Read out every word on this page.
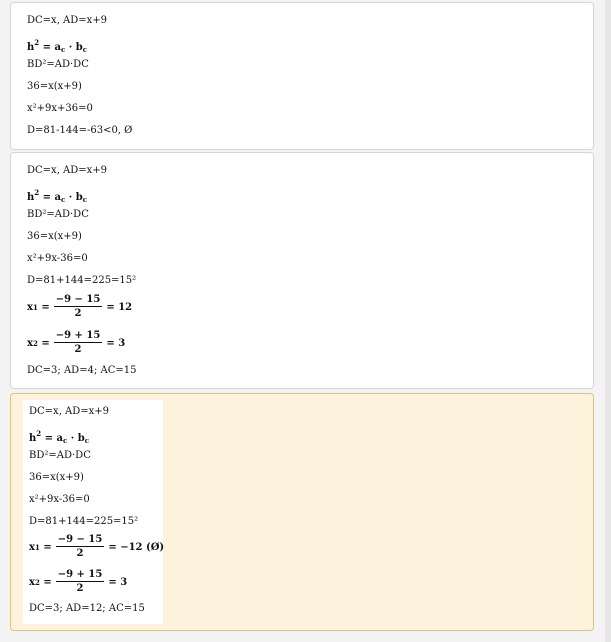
DC=x, AD=x+9
$h^2 = a_c \cdot b_c$
BD²=AD·DC
36=x(x+9)
x²+9x+36=0
D=81-144=-63<0, Ø
DC=x, AD=x+9
$h^2 = a_c \cdot b_c$
BD²=AD·DC
36=x(x+9)
x²+9x-36=0
D=81+144=225=15²
x $1 = \frac{-9 - 15}{2} = 12$
x $2 = \frac{-9 + 15}{2} = 3$
DC=3; AD=4; AC=15
DC=x, AD=x+9
$h^2 = a_c \cdot b_c$
BD²=AD·DC
36=x(x+9)
x²+9x-36=0
D=81+144=225=15²
x $1 = \frac{-9 - 15}{2} = -12$ (Ø)
x $2 = \frac{-9 + 15}{2} = 3$
DC=3; AD=12; AC=15
